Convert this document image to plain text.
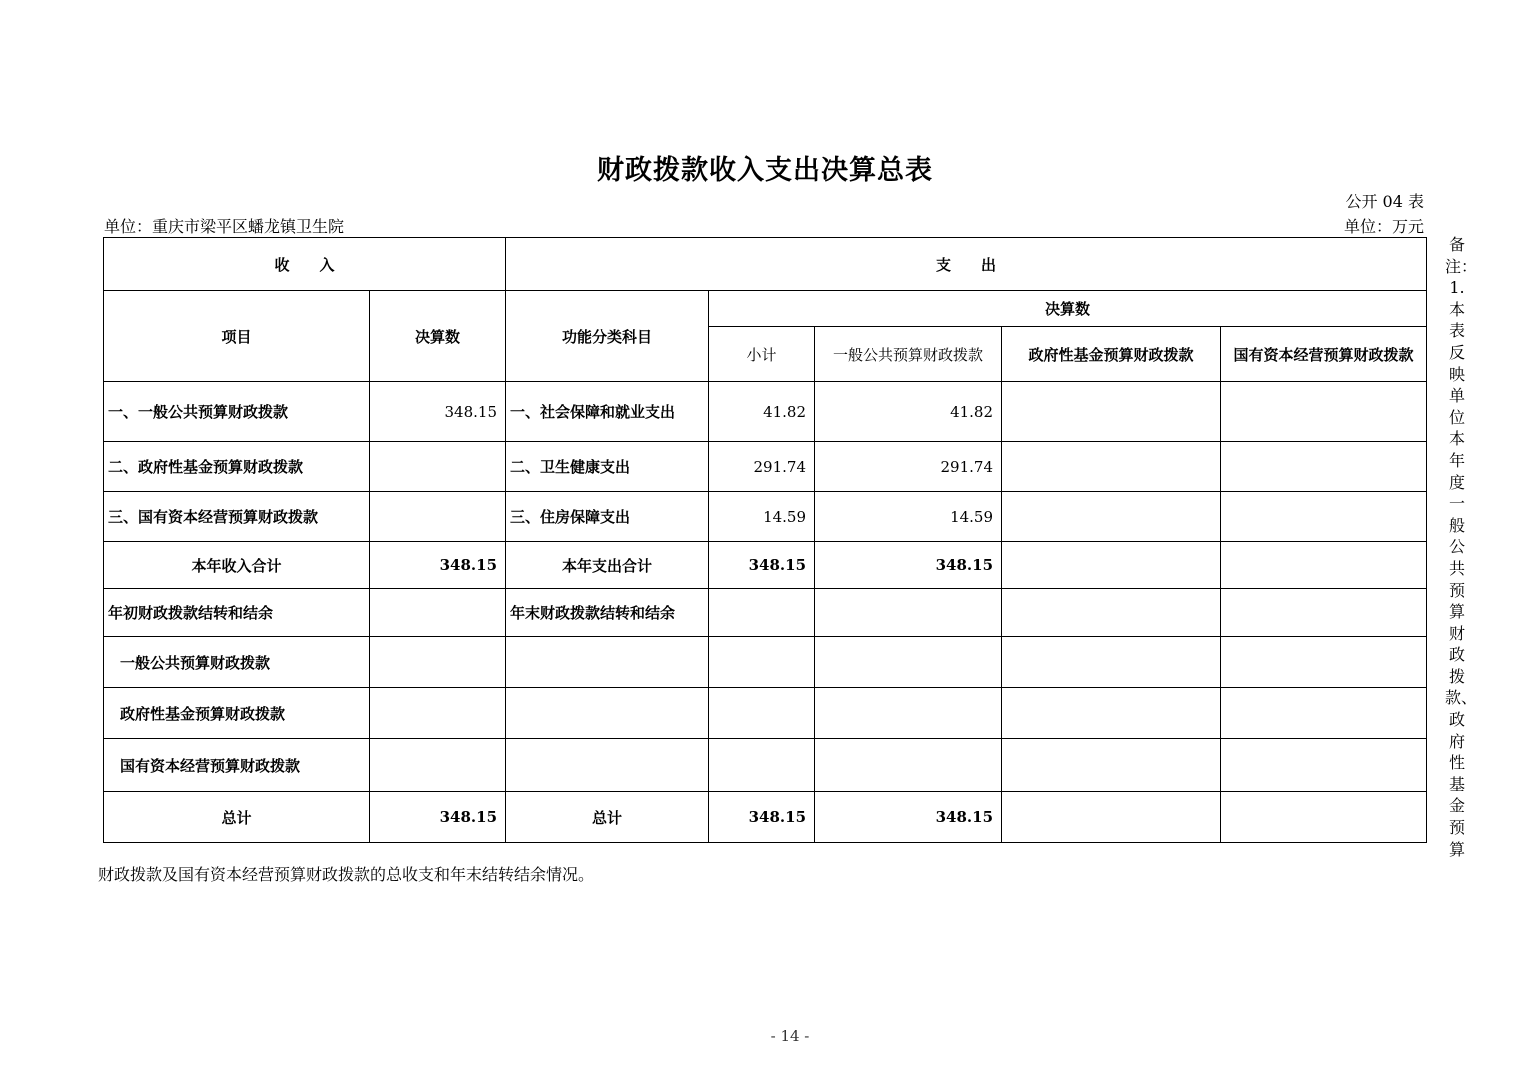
财政拨款收入支出决算总表
公开 04 表
单位：重庆市梁平区蟠龙镇卫生院	单位：万元
收　　入		支　　出				
项目	决算数	功能分类科目	决算数			
			小计	一般公共预算财政拨款	政府性基金预算财政拨款	国有资本经营预算财政拨款
一、一般公共预算财政拨款	348.15	一、社会保障和就业支出	41.82	41.82		
二、政府性基金预算财政拨款		二、卫生健康支出	291.74	291.74		
三、国有资本经营预算财政拨款		三、住房保障支出	14.59	14.59		
本年收入合计	348.15	本年支出合计	348.15	348.15		
年初财政拨款结转和结余		年末财政拨款结转和结余				
一般公共预算财政拨款						
政府性基金预算财政拨款						
国有资本经营预算财政拨款						
总计	348.15	总计	348.15	348.15		
备注：1.本表反映单位本年度一般公共预算财政拨款、政府性基金预算
财政拨款及国有资本经营预算财政拨款的总收支和年末结转结余情况。
- 14 -
